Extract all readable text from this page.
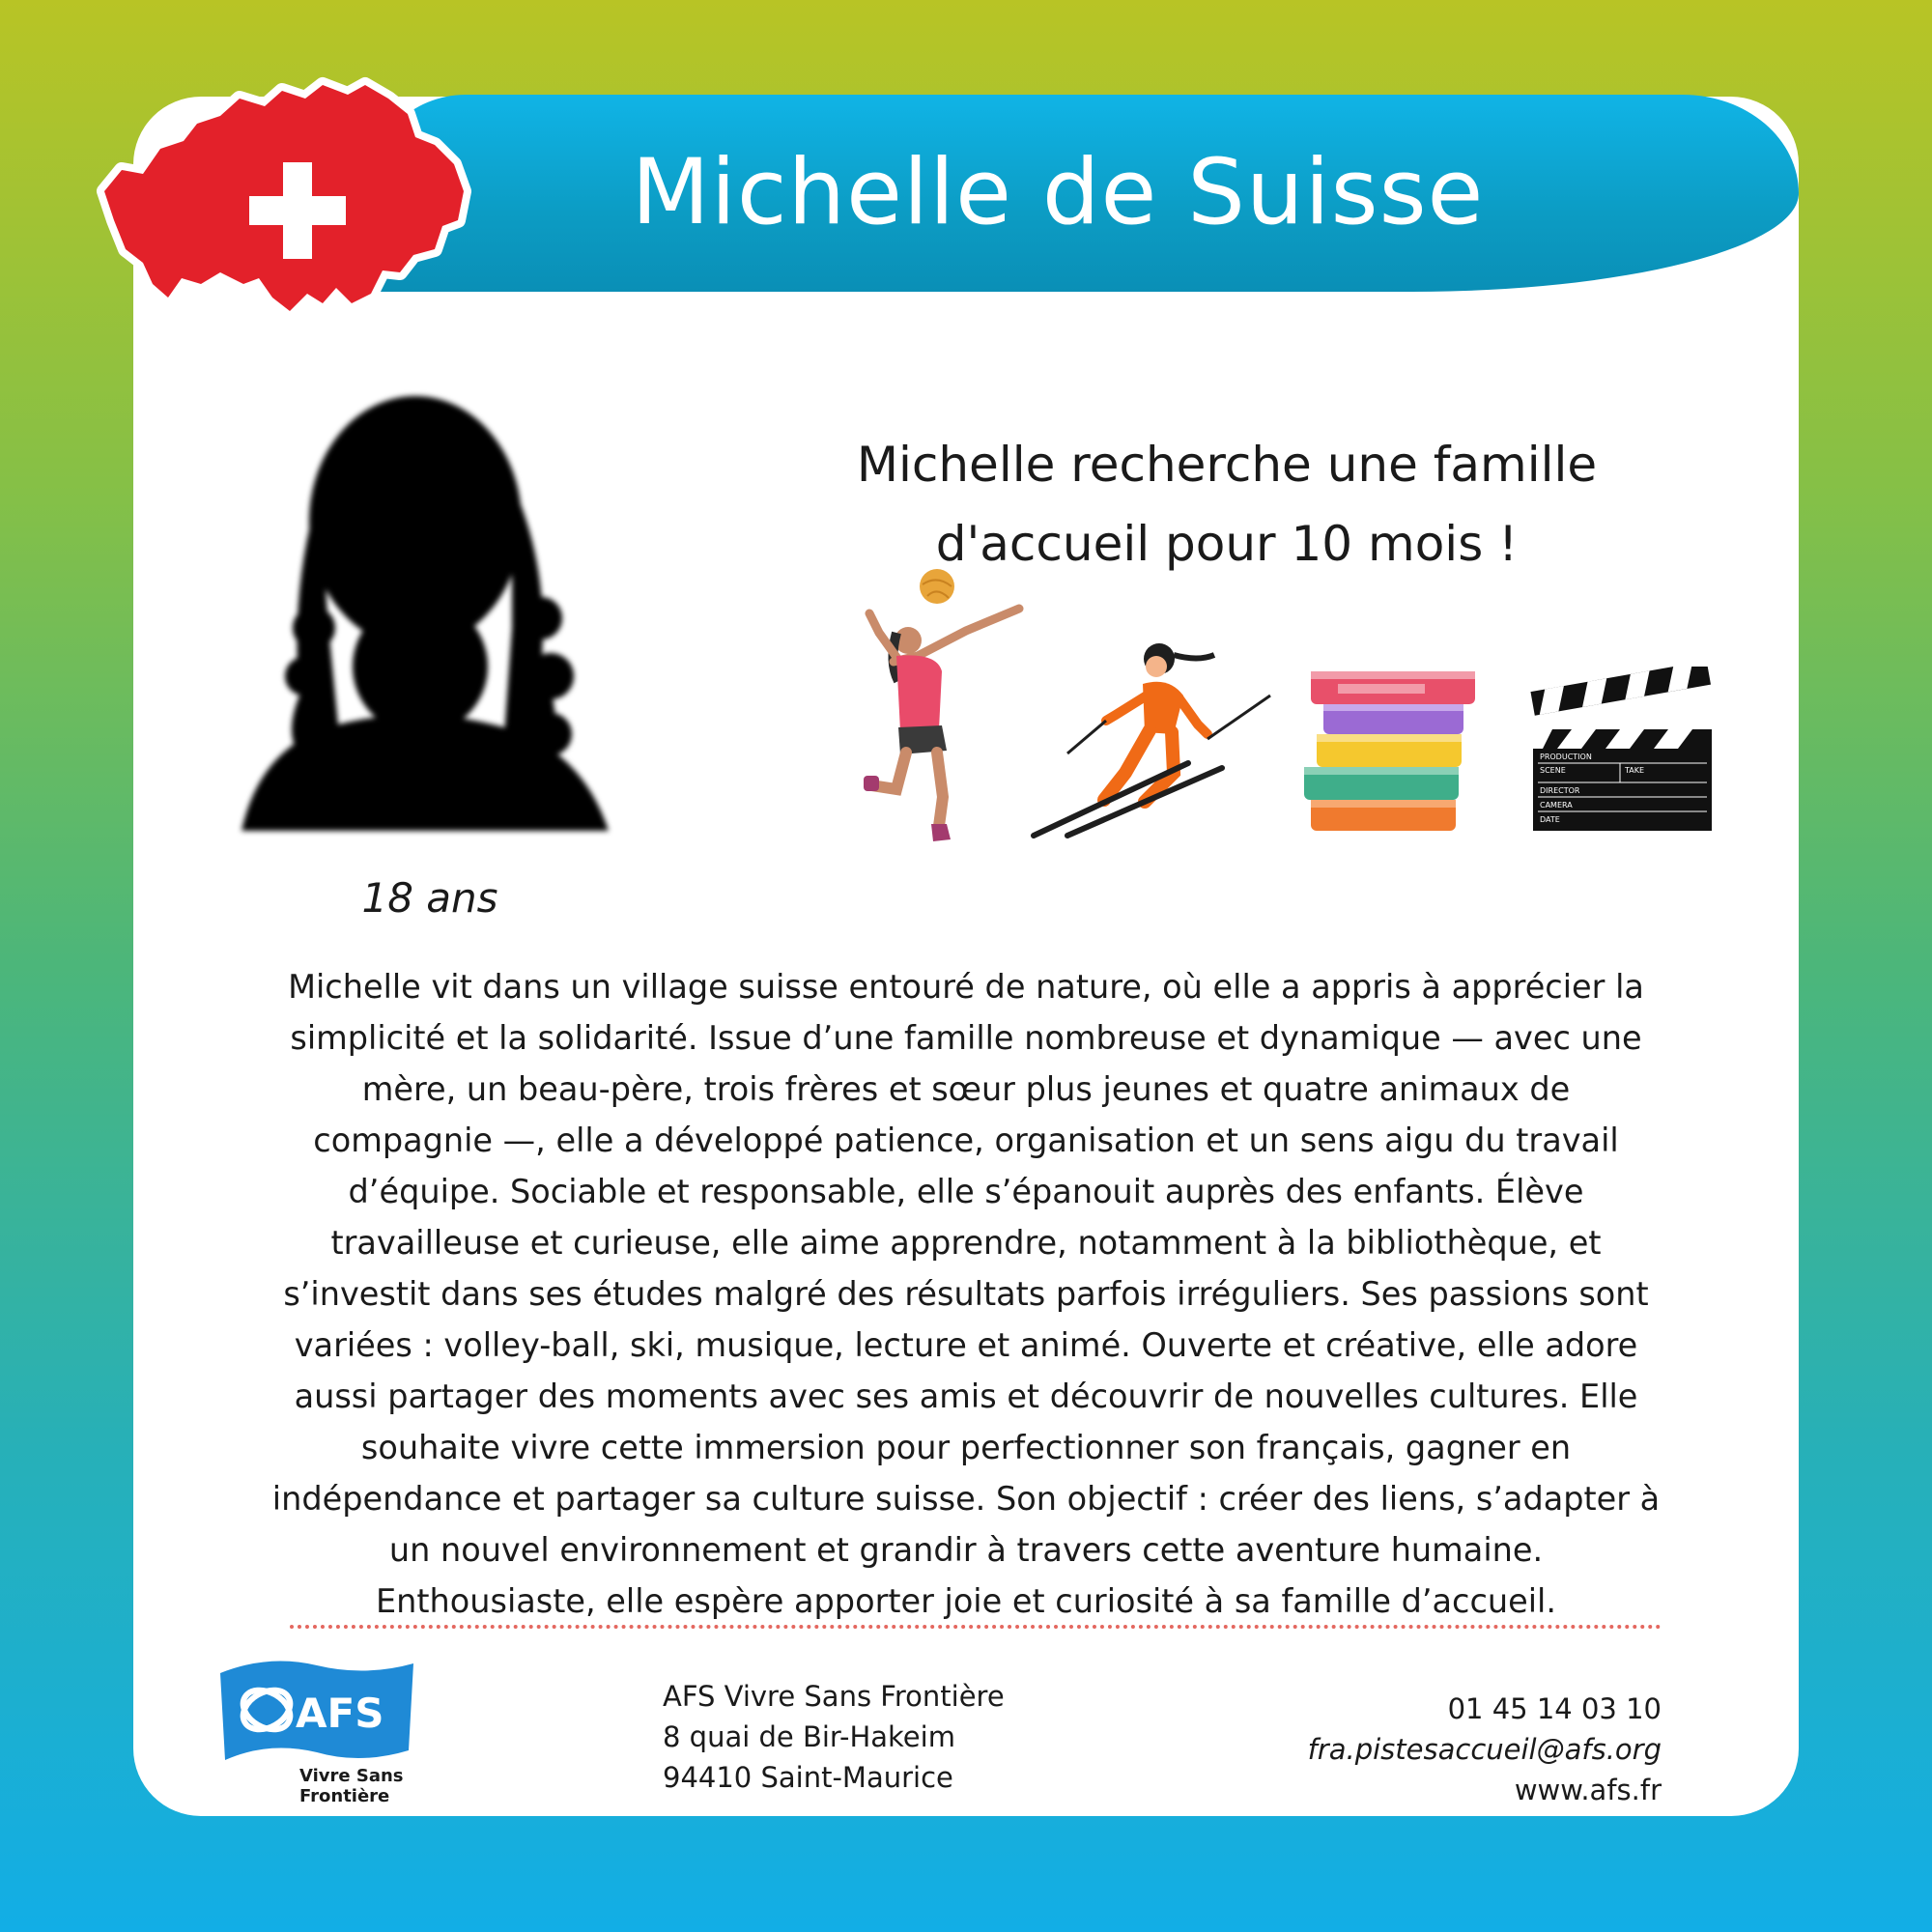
Michelle de Suisse
18 ans
Michelle recherche une famille
d'accueil pour 10 mois !
PRODUCTION
SCENE	TAKE
DIRECTOR
CAMERA
DATE

Michelle vit dans un village suisse entouré de nature, où elle a appris à apprécier la
simplicité et la solidarité. Issue d’une famille nombreuse et dynamique — avec une
mère, un beau-père, trois frères et sœur plus jeunes et quatre animaux de
compagnie —, elle a développé patience, organisation et un sens aigu du travail
d’équipe. Sociable et responsable, elle s’épanouit auprès des enfants. Élève
travailleuse et curieuse, elle aime apprendre, notamment à la bibliothèque, et
s’investit dans ses études malgré des résultats parfois irréguliers. Ses passions sont
variées : volley-ball, ski, musique, lecture et animé. Ouverte et créative, elle adore
aussi partager des moments avec ses amis et découvrir de nouvelles cultures. Elle
souhaite vivre cette immersion pour perfectionner son français, gagner en
indépendance et partager sa culture suisse. Son objectif : créer des liens, s’adapter à
un nouvel environnement et grandir à travers cette aventure humaine.
Enthousiaste, elle espère apporter joie et curiosité à sa famille d’accueil.

AFS
Vivre Sans
Frontière
AFS Vivre Sans Frontière
8 quai de Bir-Hakeim
94410 Saint-Maurice
01 45 14 03 10
fra.pistesaccueil@afs.org
www.afs.fr
